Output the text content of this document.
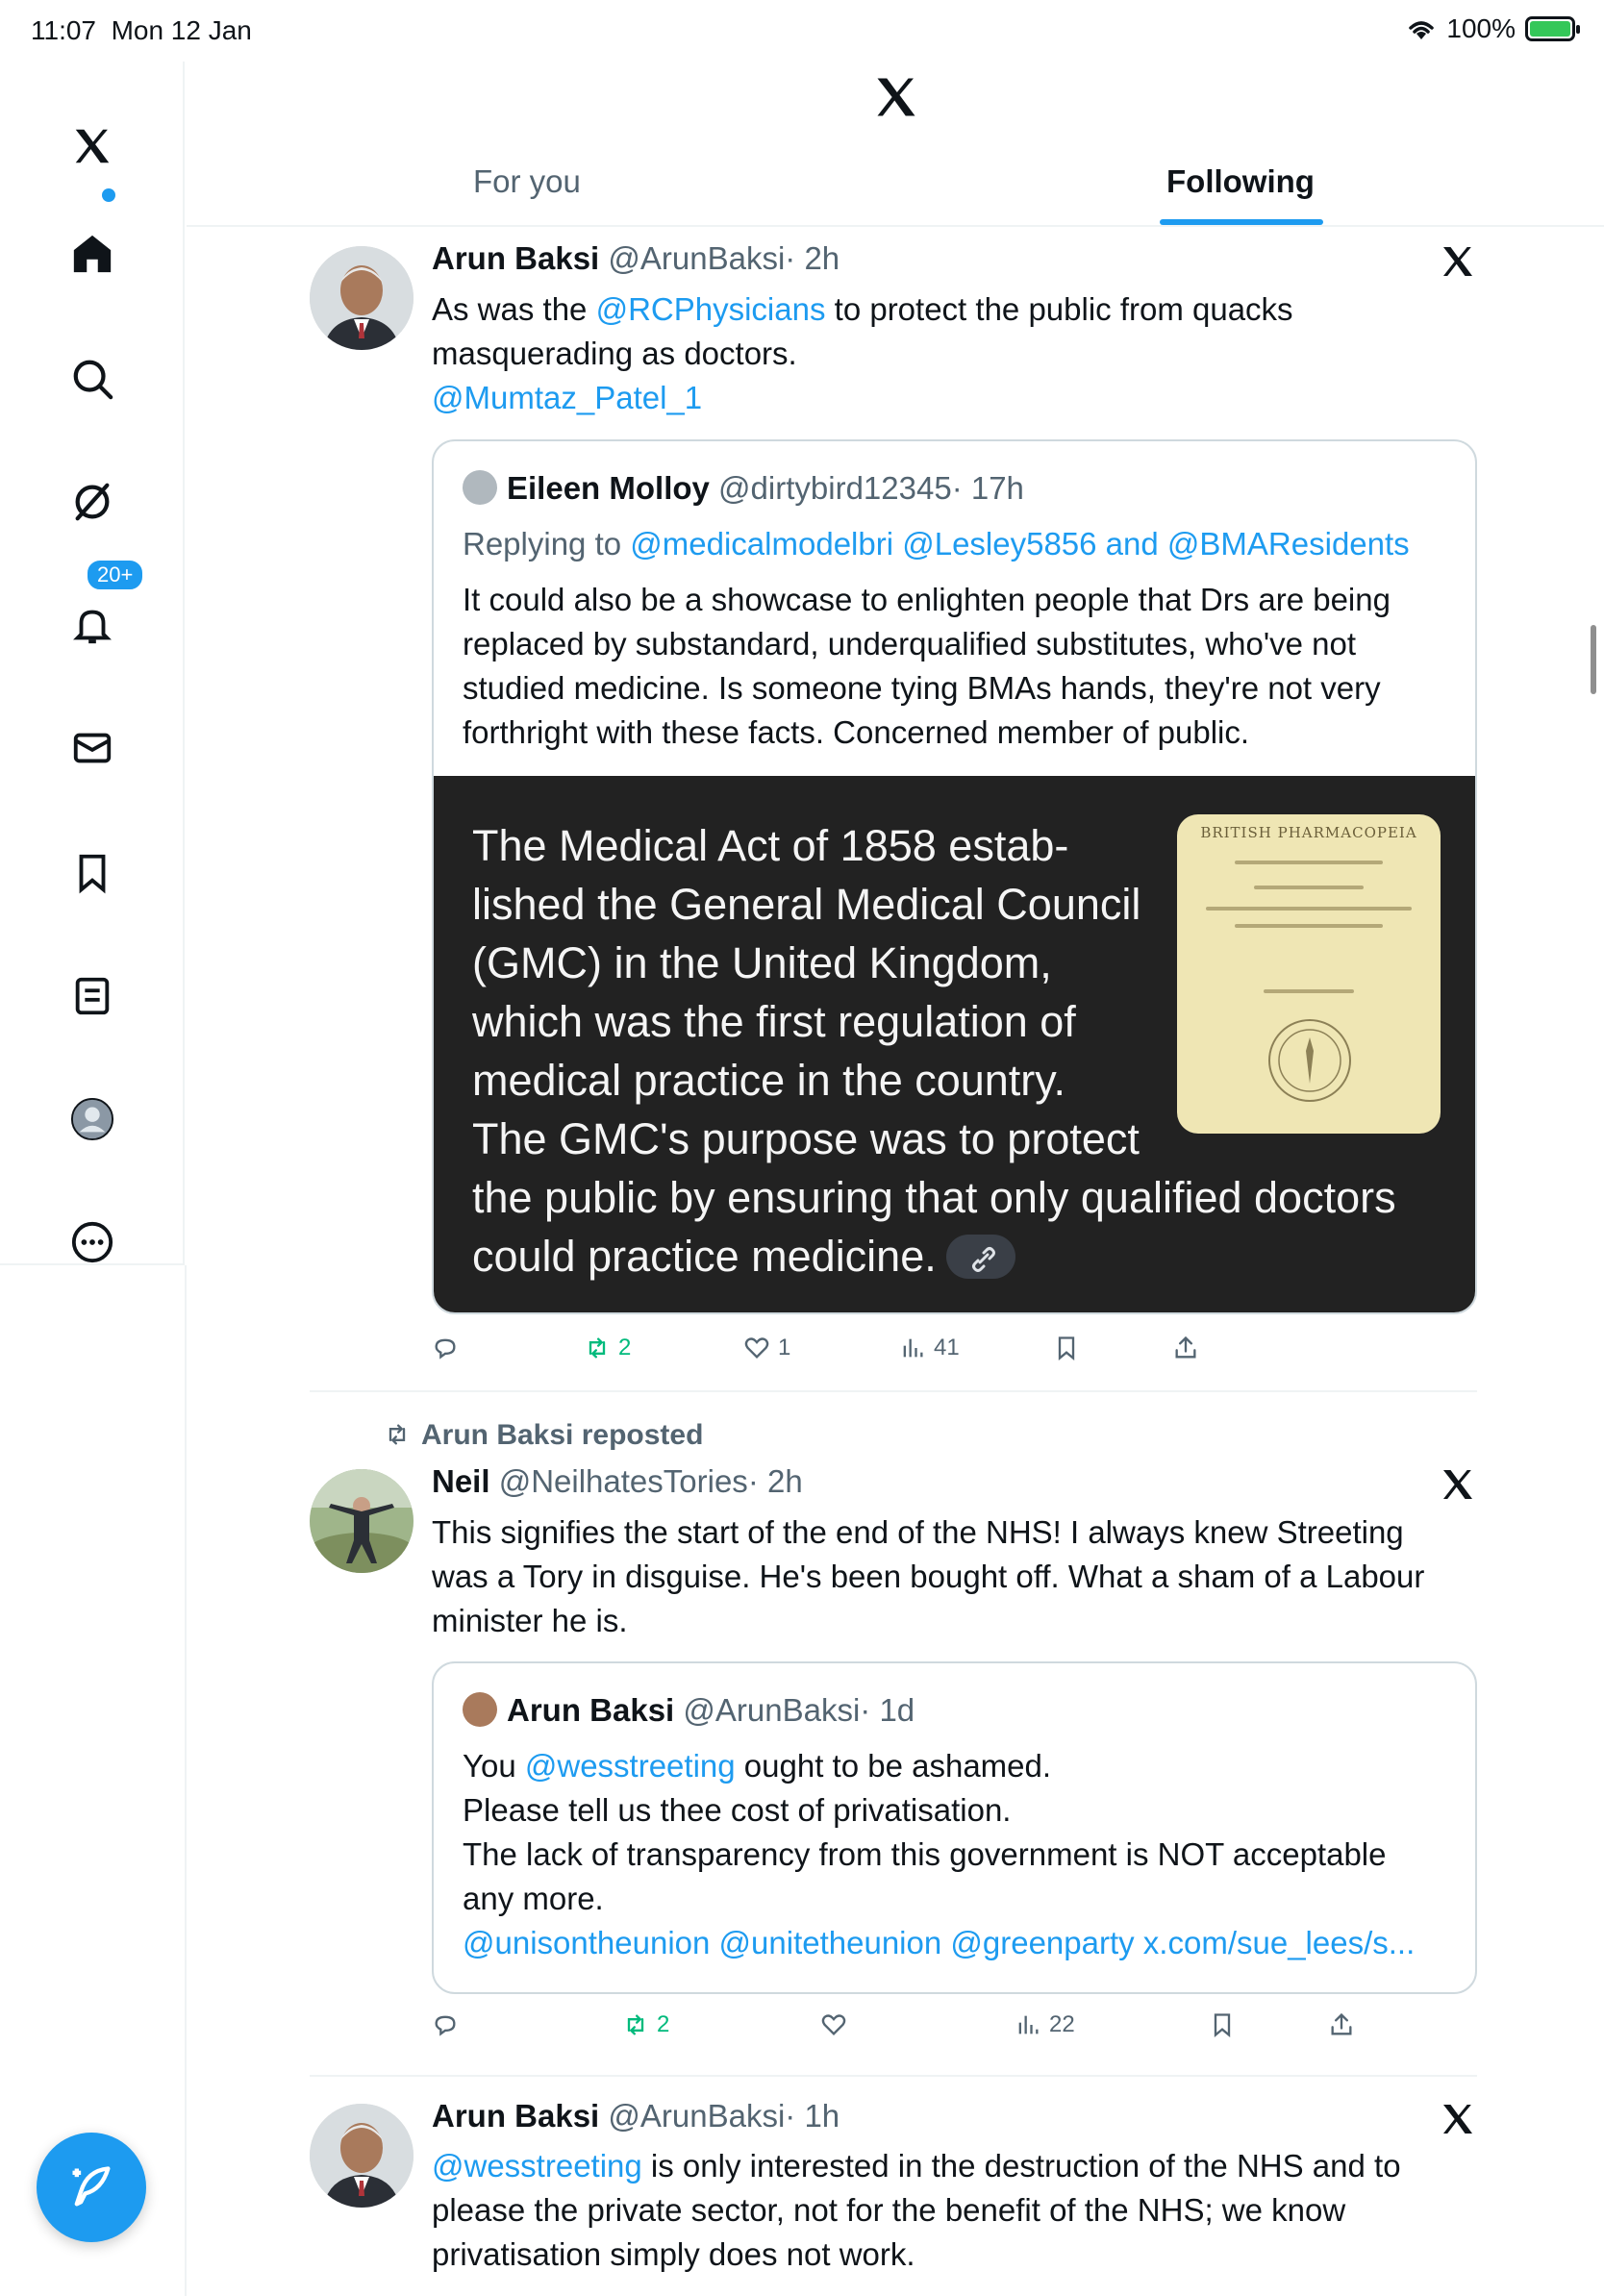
11:07 Mon 12 Jan	100%
20+
For you	Following
Arun Baksi @ArunBaksi· 2h
As was the @RCPhysicians to protect the public from quacks
masquerading as doctors.
@Mumtaz_Patel_1
Eileen Molloy @dirtybird12345· 17h
Replying to @medicalmodelbri @Lesley5856 and @BMAResidents
It could also be a showcase to enlighten people that Drs are being
replaced by substandard, underqualified substitutes, who've not
studied medicine. Is someone tying BMAs hands, they're not very
forthright with these facts. Concerned member of public.
The Medical Act of 1858 estab-
lished the General Medical Council
(GMC) in the United Kingdom,
which was the first regulation of
medical practice in the country.
The GMC's purpose was to protect
the public by ensuring that only qualified doctors
could practice medicine.
BRITISH PHARMACOPEIA
2	1	41
Arun Baksi reposted
Neil @NeilhatesTories· 2h
This signifies the start of the end of the NHS! I always knew Streeting
was a Tory in disguise. He's been bought off. What a sham of a Labour
minister he is.
Arun Baksi @ArunBaksi· 1d
You @wesstreeting ought to be ashamed.
Please tell us thee cost of privatisation.
The lack of transparency from this government is NOT acceptable
any more.
@unisontheunion @unitetheunion @greenparty x.com/sue_lees/s...
2	22
Arun Baksi @ArunBaksi· 1h
@wesstreeting is only interested in the destruction of the NHS and to
please the private sector, not for the benefit of the NHS; we know
privatisation simply does not work.
